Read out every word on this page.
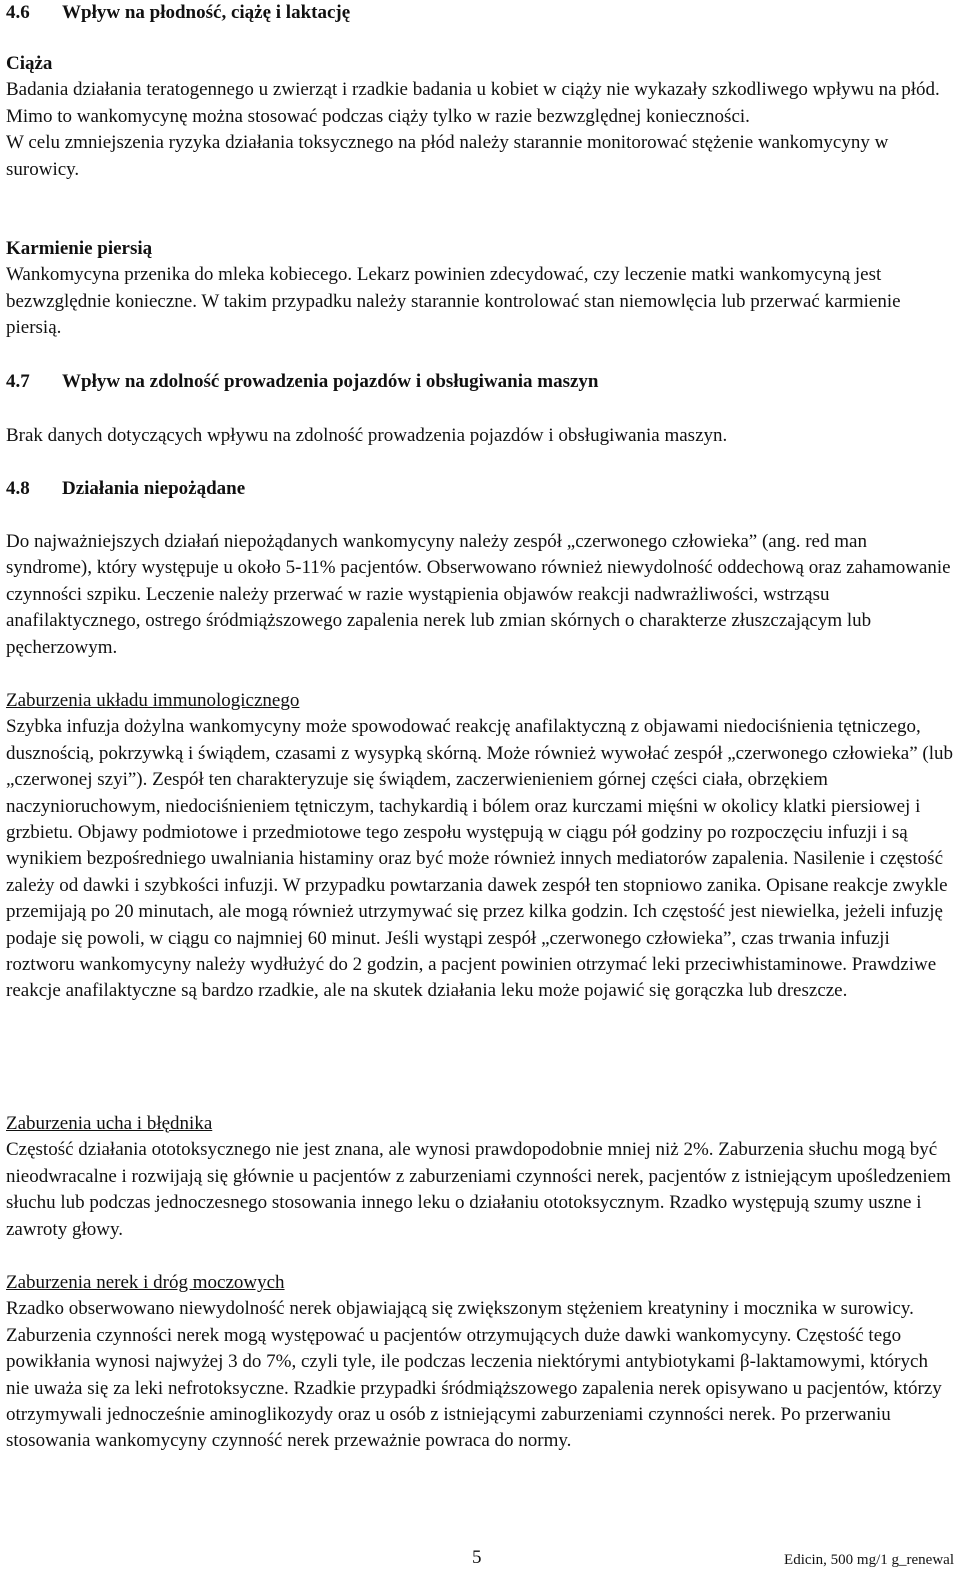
4.6 Wpływ na płodność, ciążę i laktację

Ciąża

Badania działania teratogennego u zwierząt i rzadkie badania u kobiet w ciąży nie wykazały szkodliwego wpływu na płód. Mimo to wankomycynę można stosować podczas ciąży tylko w razie bezwzględnej konieczności.

W celu zmniejszenia ryzyka działania toksycznego na płód należy starannie monitorować stężenie wankomycyny w surowicy.

Karmienie piersią

Wankomycyna przenika do mleka kobiecego. Lekarz powinien zdecydować, czy leczenie matki wankomycyną jest bezwzględnie konieczne. W takim przypadku należy starannie kontrolować stan niemowlęcia lub przerwać karmienie piersią.

4.7 Wpływ na zdolność prowadzenia pojazdów i obsługiwania maszyn
Brak danych dotyczących wpływu na zdolność prowadzenia pojazdów i obsługiwania maszyn.
4.8 Działania niepożądane
Do najważniejszych działań niepożądanych wankomycyny należy zespół „czerwonego człowieka” (ang. red man syndrome), który występuje u około 5-11% pacjentów. Obserwowano również niewydolność oddechową oraz zahamowanie czynności szpiku. Leczenie należy przerwać w razie wystąpienia objawów reakcji nadwrażliwości, wstrząsu anafilaktycznego, ostrego śródmiąższowego zapalenia nerek lub zmian skórnych o charakterze złuszczającym lub pęcherzowym.

Zaburzenia układu immunologicznego

Szybka infuzja dożylna wankomycyny może spowodować reakcję anafilaktyczną z objawami niedociśnienia tętniczego, dusznością, pokrzywką i świądem, czasami z wysypką skórną. Może również wywołać zespół „czerwonego człowieka” (lub „czerwonej szyi”). Zespół ten charakteryzuje się świądem, zaczerwienieniem górnej części ciała, obrzękiem naczynioruchowym, niedociśnieniem tętniczym, tachykardią i bólem oraz kurczami mięśni w okolicy klatki piersiowej i grzbietu. Objawy podmiotowe i przedmiotowe tego zespołu występują w ciągu pół godziny po rozpoczęciu infuzji i są wynikiem bezpośredniego uwalniania histaminy oraz być może również innych mediatorów zapalenia. Nasilenie i częstość zależy od dawki i szybkości infuzji. W przypadku powtarzania dawek zespół ten stopniowo zanika. Opisane reakcje zwykle przemijają po 20 minutach, ale mogą również utrzymywać się przez kilka godzin. Ich częstość jest niewielka, jeżeli infuzję podaje się powoli, w ciągu co najmniej 60 minut. Jeśli wystąpi zespół „czerwonego człowieka”, czas trwania infuzji roztworu wankomycyny należy wydłużyć do 2 godzin, a pacjent powinien otrzymać leki przeciwhistaminowe. Prawdziwe reakcje anafilaktyczne są bardzo rzadkie, ale na skutek działania leku może pojawić się gorączka lub dreszcze.

Zaburzenia ucha i błędnika

Częstość działania ototoksycznego nie jest znana, ale wynosi prawdopodobnie mniej niż 2%. Zaburzenia słuchu mogą być nieodwracalne i rozwijają się głównie u pacjentów z zaburzeniami czynności nerek, pacjentów z istniejącym upośledzeniem słuchu lub podczas jednoczesnego stosowania innego leku o działaniu ototoksycznym. Rzadko występują szumy uszne i zawroty głowy.

Zaburzenia nerek i dróg moczowych

Rzadko obserwowano niewydolność nerek objawiającą się zwiększonym stężeniem kreatyniny i mocznika w surowicy. Zaburzenia czynności nerek mogą występować u pacjentów otrzymujących duże dawki wankomycyny. Częstość tego powikłania wynosi najwyżej 3 do 7%, czyli tyle, ile podczas leczenia niektórymi antybiotykami β-laktamowymi, których nie uważa się za leki nefrotoksyczne. Rzadkie przypadki śródmiąższowego zapalenia nerek opisywano u pacjentów, którzy otrzymywali jednocześnie aminoglikozydy oraz u osób z istniejącymi zaburzeniami czynności nerek. Po przerwaniu stosowania wankomycyny czynność nerek przeważnie powraca do normy.

5	Edicin, 500 mg/1 g_renewal
